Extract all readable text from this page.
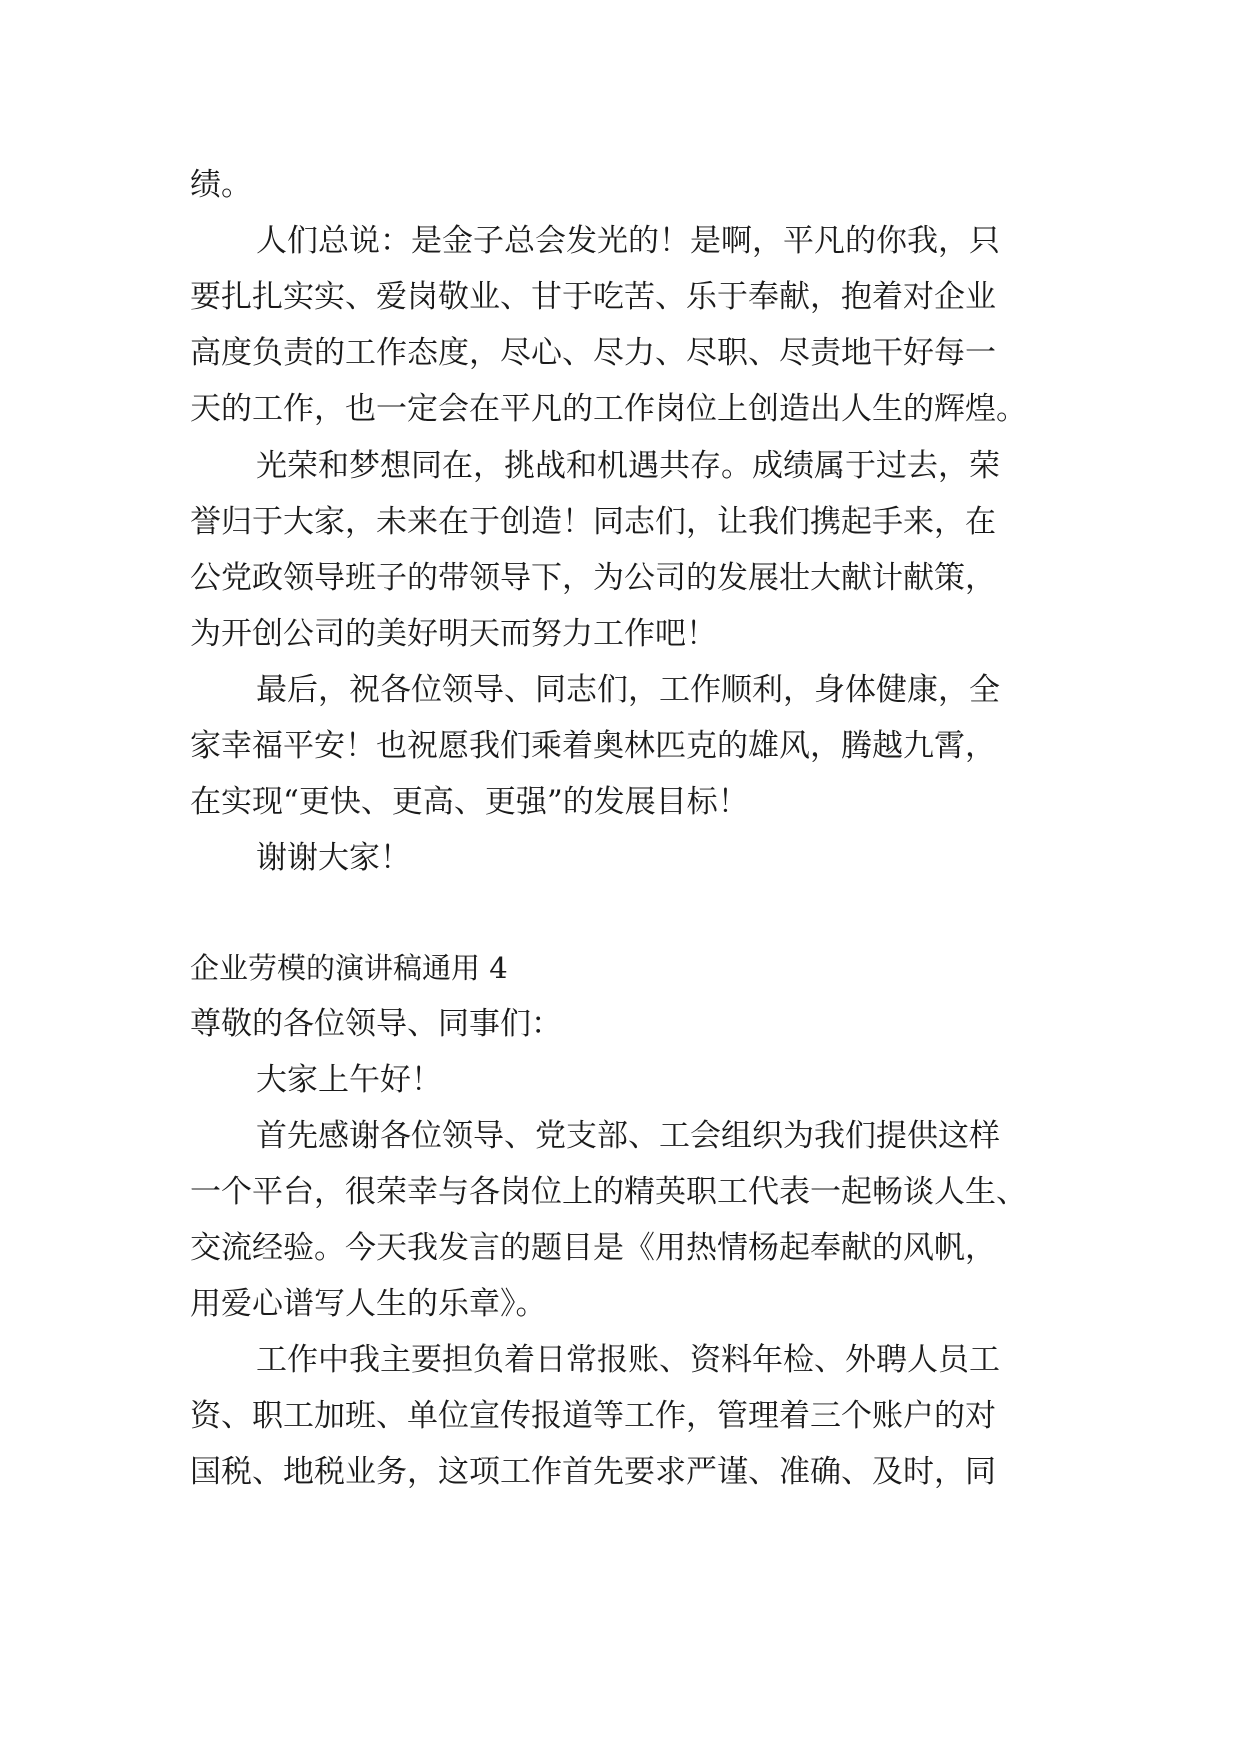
绩。
人们总说：是金子总会发光的！是啊，平凡的你我，只
要扎扎实实、爱岗敬业、甘于吃苦、乐于奉献，抱着对企业
高度负责的工作态度，尽心、尽力、尽职、尽责地干好每一
天的工作，也一定会在平凡的工作岗位上创造出人生的辉煌。
光荣和梦想同在，挑战和机遇共存。成绩属于过去，荣
誉归于大家，未来在于创造！同志们，让我们携起手来，在
公党政领导班子的带领导下，为公司的发展壮大献计献策，
为开创公司的美好明天而努力工作吧！
最后，祝各位领导、同志们，工作顺利，身体健康，全
家幸福平安！也祝愿我们乘着奥林匹克的雄风，腾越九霄，
在实现“更快、更高、更强”的发展目标！
谢谢大家！
企业劳模的演讲稿通用 4
尊敬的各位领导、同事们：
大家上午好！
首先感谢各位领导、党支部、工会组织为我们提供这样
一个平台，很荣幸与各岗位上的精英职工代表一起畅谈人生、
交流经验。今天我发言的题目是《用热情杨起奉献的风帆，
用爱心谱写人生的乐章》。
工作中我主要担负着日常报账、资料年检、外聘人员工
资、职工加班、单位宣传报道等工作，管理着三个账户的对
国税、地税业务，这项工作首先要求严谨、准确、及时，同
